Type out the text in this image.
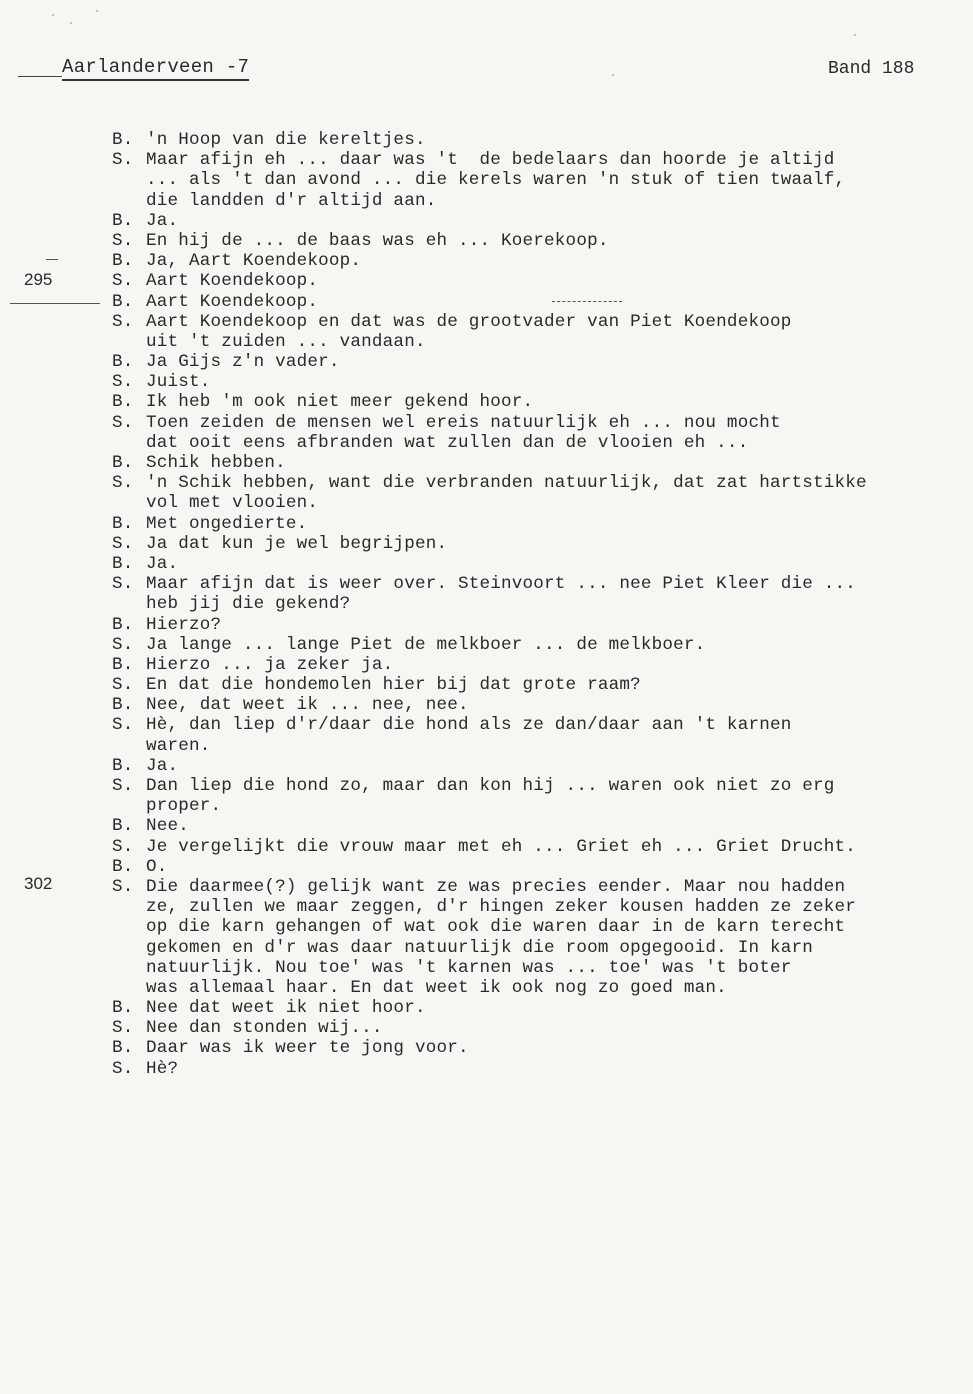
Aarlanderveen -7	Band 188
295
302
B. 'n Hoop van die kereltjes.
S. Maar afijn eh ... daar was 't  de bedelaars dan hoorde je altijd
... als 't dan avond ... die kerels waren 'n stuk of tien twaalf,
die landden d'r altijd aan.
B. Ja.
S. En hij de ... de baas was eh ... Koerekoop.
B. Ja, Aart Koendekoop.
S. Aart Koendekoop.
B. Aart Koendekoop.
S. Aart Koendekoop en dat was de grootvader van Piet Koendekoop
uit 't zuiden ... vandaan.
B. Ja Gijs z'n vader.
S. Juist.
B. Ik heb 'm ook niet meer gekend hoor.
S. Toen zeiden de mensen wel ereis natuurlijk eh ... nou mocht
dat ooit eens afbranden wat zullen dan de vlooien eh ...
B. Schik hebben.
S. 'n Schik hebben, want die verbranden natuurlijk, dat zat hartstikke
vol met vlooien.
B. Met ongedierte.
S. Ja dat kun je wel begrijpen.
B. Ja.
S. Maar afijn dat is weer over. Steinvoort ... nee Piet Kleer die ...
heb jij die gekend?
B. Hierzo?
S. Ja lange ... lange Piet de melkboer ... de melkboer.
B. Hierzo ... ja zeker ja.
S. En dat die hondemolen hier bij dat grote raam?
B. Nee, dat weet ik ... nee, nee.
S. Hè, dan liep d'r/daar die hond als ze dan/daar aan 't karnen
waren.
B. Ja.
S. Dan liep die hond zo, maar dan kon hij ... waren ook niet zo erg
proper.
B. Nee.
S. Je vergelijkt die vrouw maar met eh ... Griet eh ... Griet Drucht.
B. O.
S. Die daarmee(?) gelijk want ze was precies eender. Maar nou hadden
ze, zullen we maar zeggen, d'r hingen zeker kousen hadden ze zeker
op die karn gehangen of wat ook die waren daar in de karn terecht
gekomen en d'r was daar natuurlijk die room opgegooid. In karn
natuurlijk. Nou toe' was 't karnen was ... toe' was 't boter
was allemaal haar. En dat weet ik ook nog zo goed man.
B. Nee dat weet ik niet hoor.
S. Nee dan stonden wij...
B. Daar was ik weer te jong voor.
S. Hè?
